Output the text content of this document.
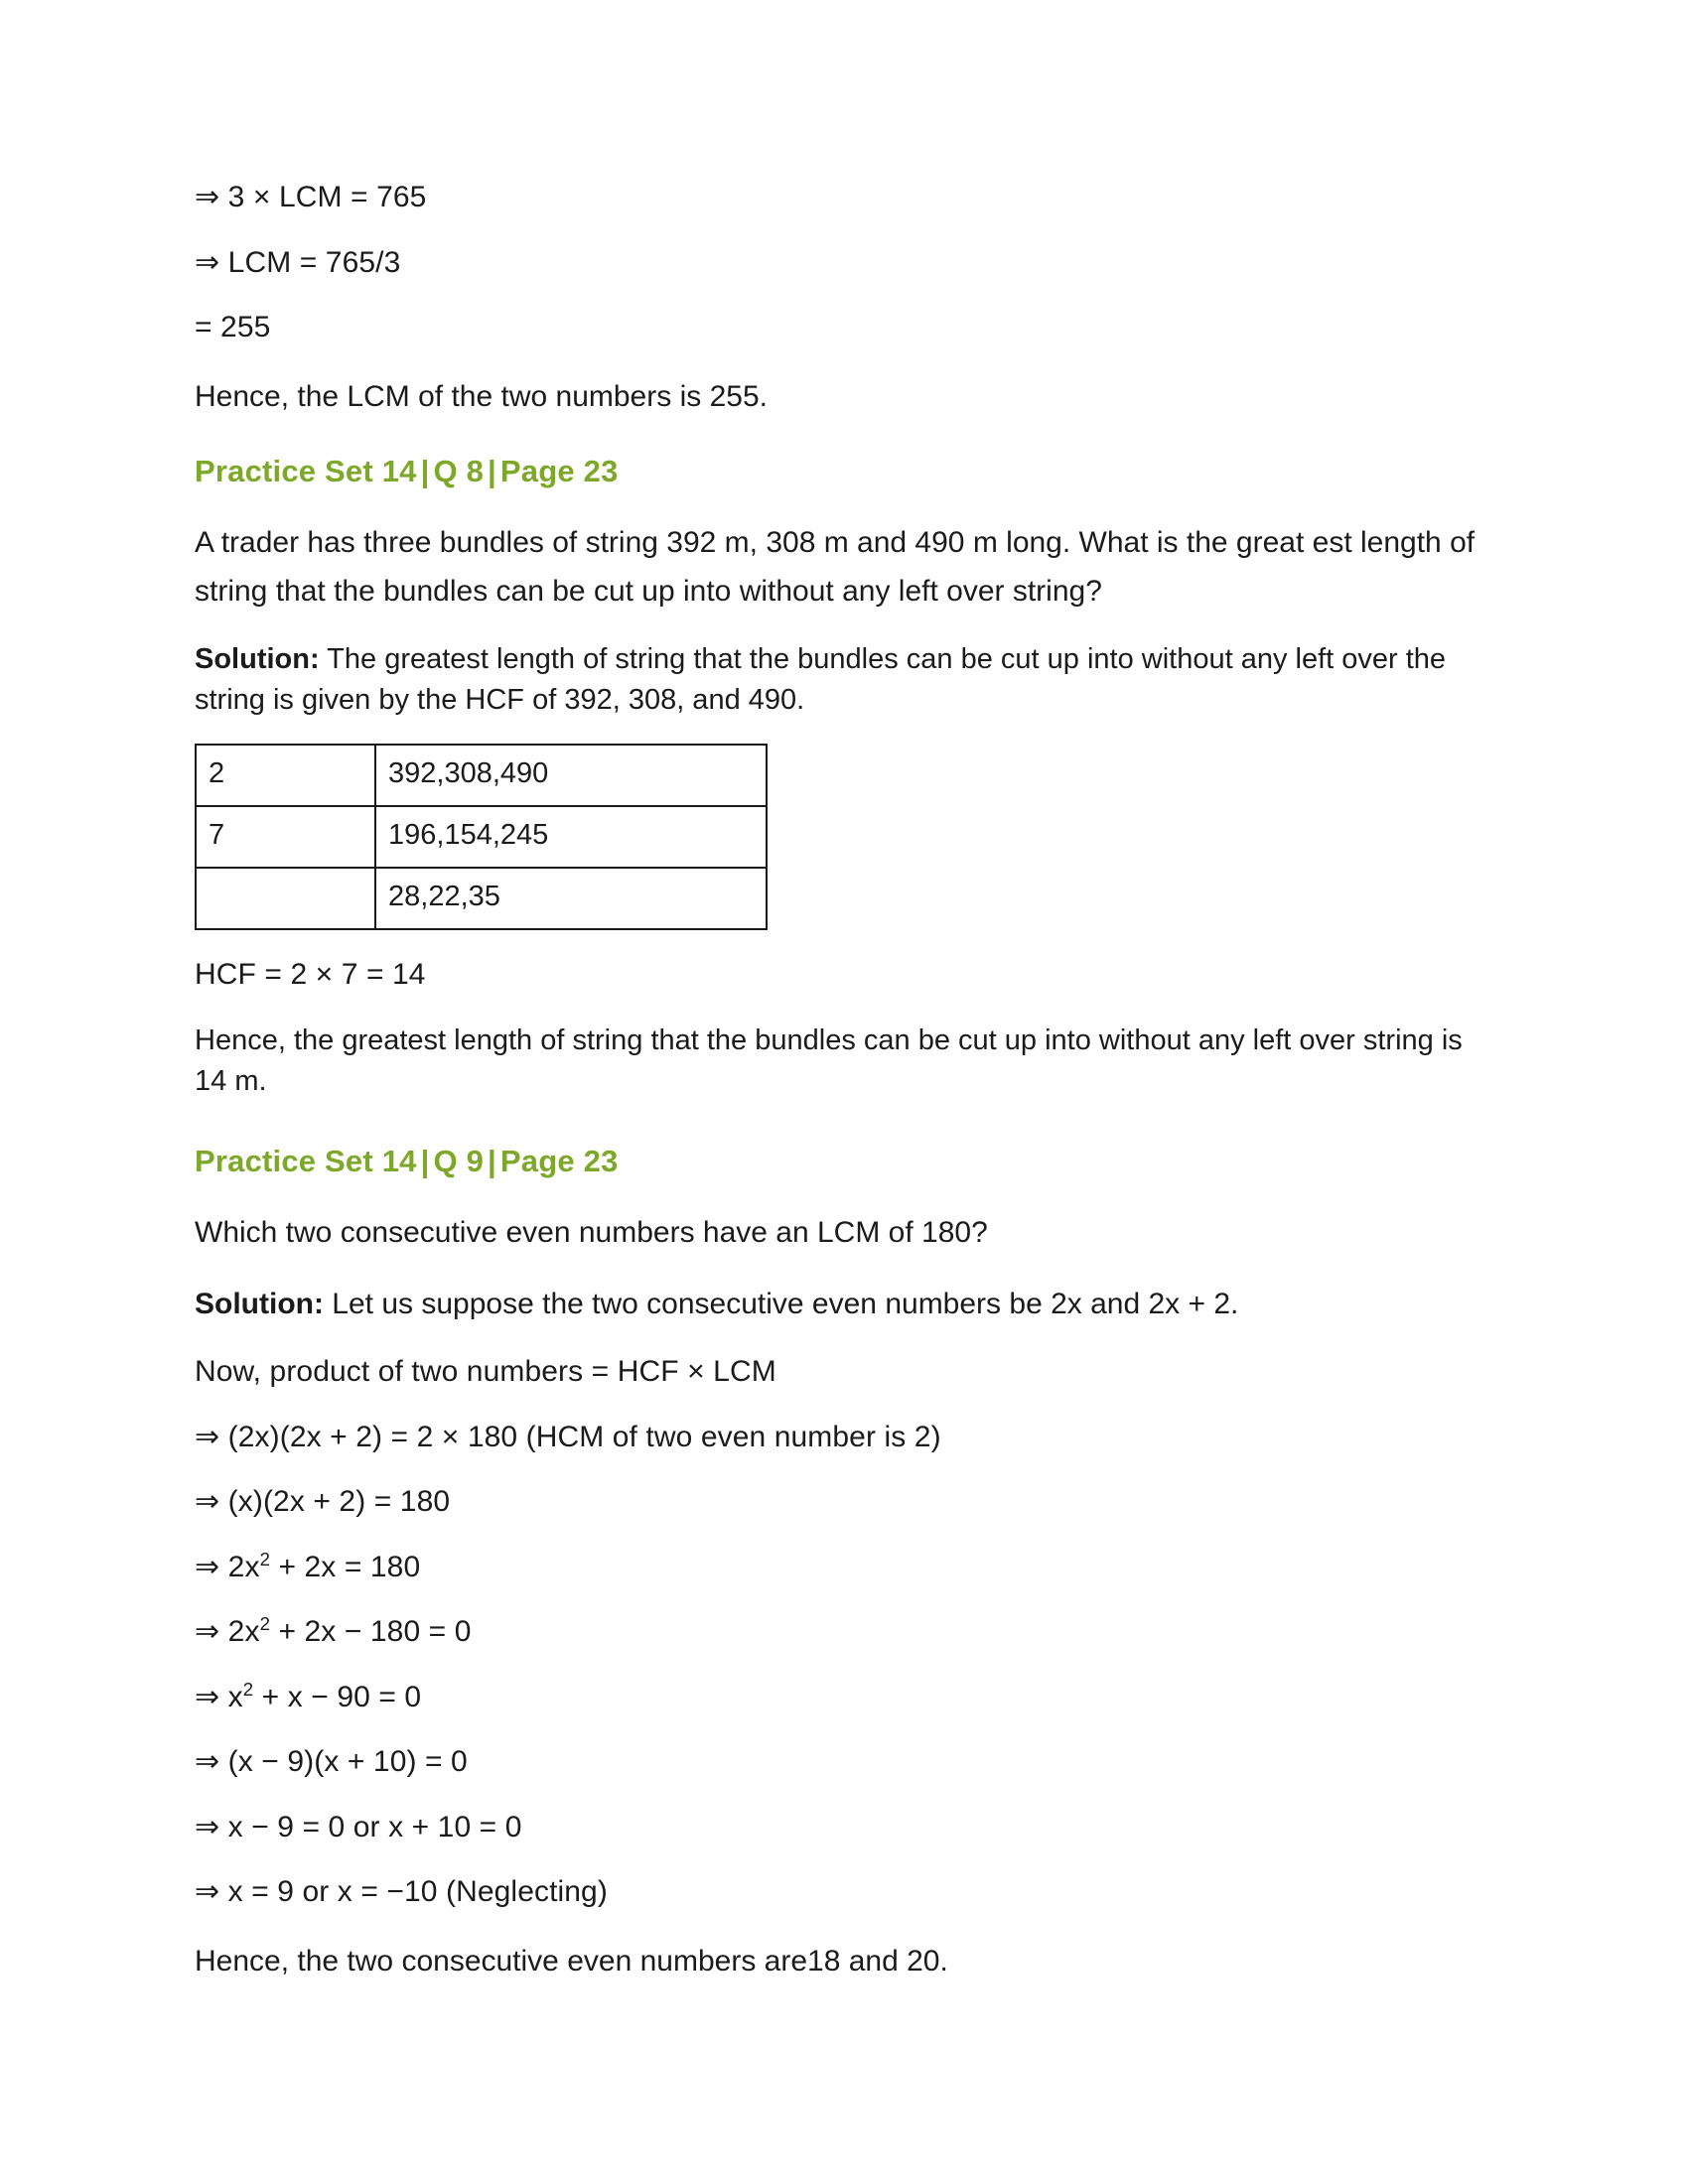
⇒ 3 × LCM = 765

⇒ LCM = 765/3

= 255

Hence, the LCM of the two numbers is 255.

Practice Set 14 | Q 8 | Page 23

A trader has three bundles of string 392 m, 308 m and 490 m long. What is the great est length of string that the bundles can be cut up into without any left over string?

Solution: The greatest length of string that the bundles can be cut up into without any left over the string is given by the HCF of 392, 308, and 490.

2	392,308,490
7	196,154,245
	28,22,35

HCF = 2 × 7 = 14

Hence, the greatest length of string that the bundles can be cut up into without any left over string is 14 m.

Practice Set 14 | Q 9 | Page 23

Which two consecutive even numbers have an LCM of 180?

Solution: Let us suppose the two consecutive even numbers be 2x and 2x + 2.

Now, product of two numbers = HCF × LCM

⇒ (2x)(2x + 2) = 2 × 180 (HCM of two even number is 2)

⇒ (x)(2x + 2) = 180

⇒ $2x^2 + 2x = 180$

⇒ $2x^2 + 2x - 180 = 0$

⇒ $x^2 + x - 90 = 0$

⇒ (x − 9)(x + 10) = 0

⇒ x − 9 = 0 or x + 10 = 0

⇒ x = 9 or x = −10 (Neglecting)

Hence, the two consecutive even numbers are18 and 20.
